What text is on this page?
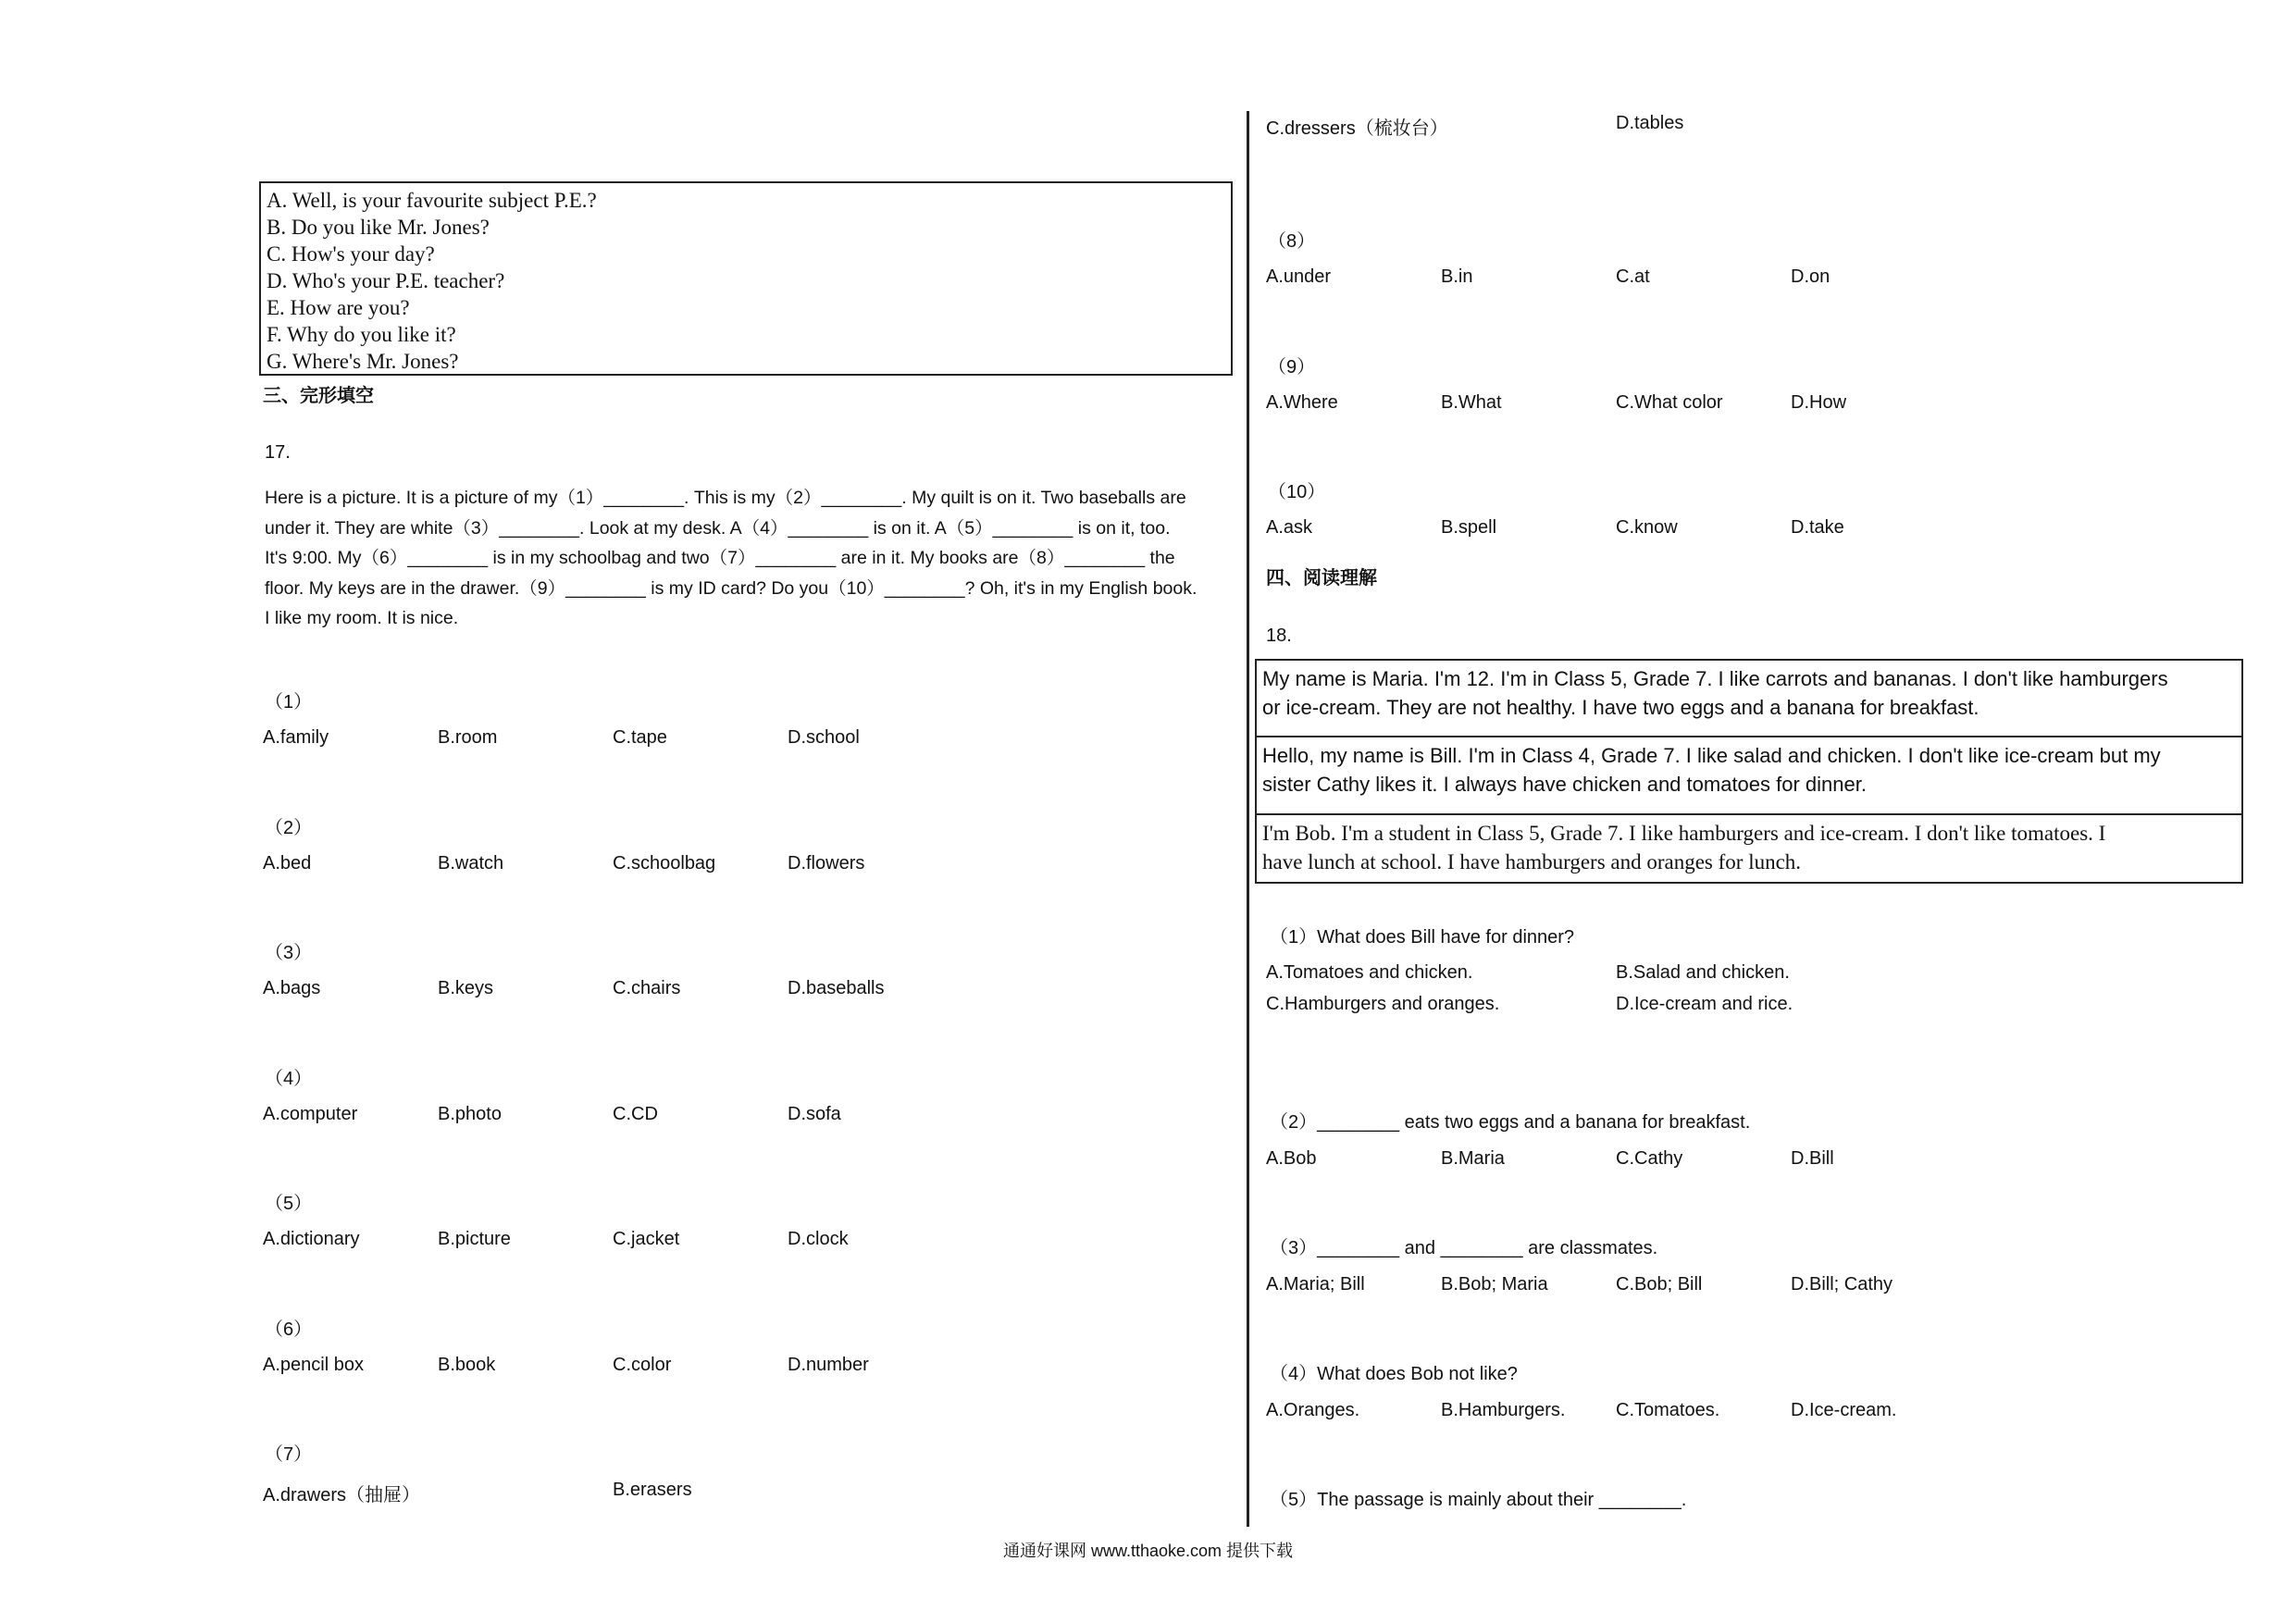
A. Well, is your favourite subject P.E.?
B. Do you like Mr. Jones?
C. How's your day?
D. Who's your P.E. teacher?
E. How are you?
F. Why do you like it?
G. Where's Mr. Jones?
三、完形填空
17.

Here is a picture. It is a picture of my（1）________. This is my（2）________. My quilt is on it. Two baseballs are

under it. They are white（3）________. Look at my desk. A（4）________ is on it. A（5）________ is on it, too.

It's 9:00. My（6）________ is in my schoolbag and two（7）________ are in it. My books are（8）________ the

floor. My keys are in the drawer.（9）________ is my ID card? Do you（10）________? Oh, it's in my English book.

I like my room. It is nice.

（1）
A.family	B.room	C.tape	D.school
（2）
A.bed	B.watch	C.schoolbag	D.flowers
（3）
A.bags	B.keys	C.chairs	D.baseballs
（4）
A.computer	B.photo	C.CD	D.sofa
（5）
A.dictionary	B.picture	C.jacket	D.clock
（6）
A.pencil box	B.book	C.color	D.number
（7）
A.drawers（抽屉）	B.erasers
C.dressers（梳妆台）	D.tables
（8）
A.under	B.in	C.at	D.on
（9）
A.Where	B.What	C.What color	D.How
（10）
A.ask	B.spell	C.know	D.take
四、阅读理解
18.
My name is Maria. I'm 12. I'm in Class 5, Grade 7. I like carrots and bananas. I don't like hamburgers
or ice-cream. They are not healthy. I have two eggs and a banana for breakfast.
Hello, my name is Bill. I'm in Class 4, Grade 7. I like salad and chicken. I don't like ice-cream but my
sister Cathy likes it. I always have chicken and tomatoes for dinner.
I'm Bob. I'm a student in Class 5, Grade 7. I like hamburgers and ice-cream. I don't like tomatoes. I
have lunch at school. I have hamburgers and oranges for lunch.
（1）What does Bill have for dinner?
A.Tomatoes and chicken.	B.Salad and chicken.
C.Hamburgers and oranges.	D.Ice-cream and rice.
（2）________ eats two eggs and a banana for breakfast.
A.Bob	B.Maria	C.Cathy	D.Bill
（3）________ and ________ are classmates.
A.Maria; Bill	B.Bob; Maria	C.Bob; Bill	D.Bill; Cathy
（4）What does Bob not like?
A.Oranges.	B.Hamburgers.	C.Tomatoes.	D.Ice-cream.
（5）The passage is mainly about their ________.
通通好课网 www.tthaoke.com 提供下载
